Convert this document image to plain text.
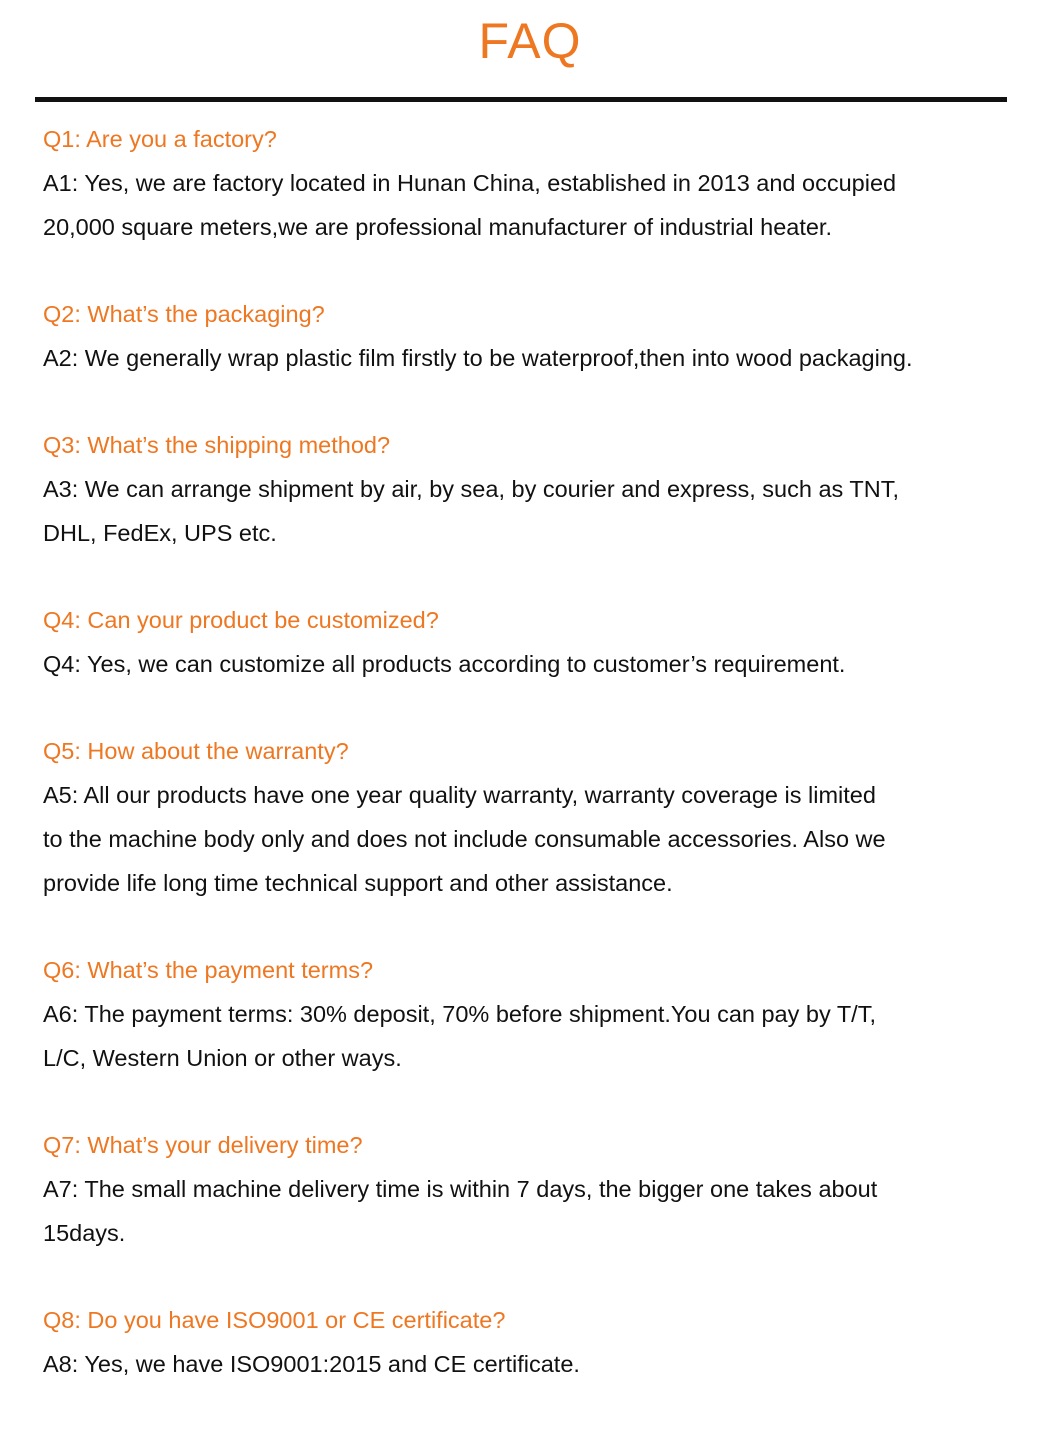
FAQ
Q1: Are you a factory?
A1: Yes, we are factory located in Hunan China, established in 2013 and occupied
20,000 square meters,we are professional manufacturer of industrial heater.
Q2: What’s the packaging?
A2: We generally wrap plastic film firstly to be waterproof,then into wood packaging.
Q3: What’s the shipping method?
A3: We can arrange shipment by air, by sea, by courier and express, such as TNT,
DHL, FedEx, UPS etc.
Q4: Can your product be customized?
Q4: Yes, we can customize all products according to customer’s requirement.
Q5: How about the warranty?
A5: All our products have one year quality warranty, warranty coverage is limited
to the machine body only and does not include consumable accessories. Also we
provide life long time technical support and other assistance.
Q6: What’s the payment terms?
A6: The payment terms: 30% deposit, 70% before shipment.You can pay by T/T,
L/C, Western Union or other ways.
Q7: What’s your delivery time?
A7: The small machine delivery time is within 7 days, the bigger one takes about
15days.
Q8: Do you have ISO9001 or CE certificate?
A8: Yes, we have ISO9001:2015 and CE certificate.
